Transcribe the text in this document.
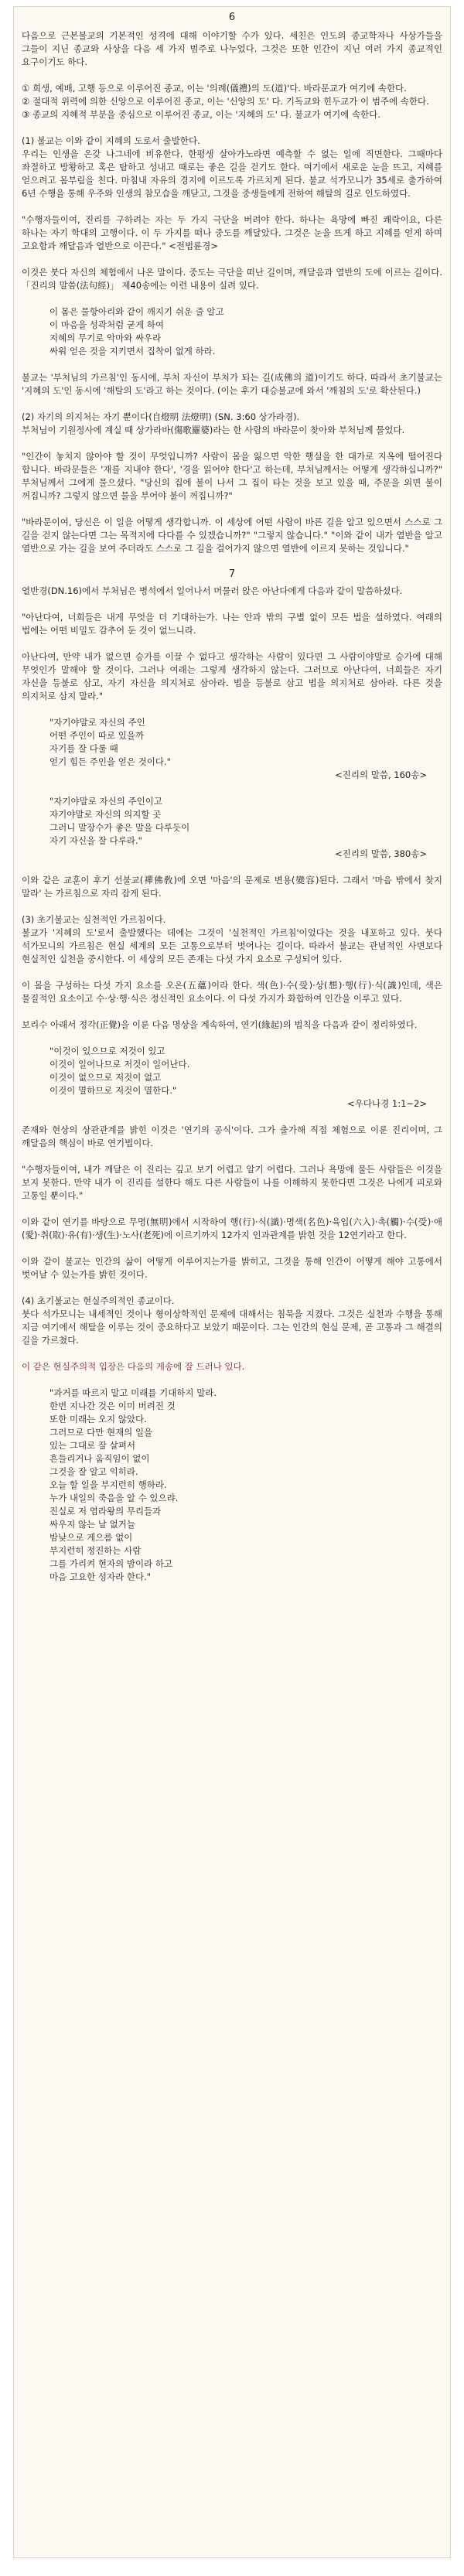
6
다음으로 근본불교의 기본적인 성격에 대해 이야기할 수가 있다. 세친은 인도의 종교학자나 사상가들을 그들이 지닌 종교와 사상을 다음 세 가지 범주로 나누었다. 그것은 또한 인간이 지닌 여러 가지 종교적인 요구이기도 하다.
① 희생, 예배, 고행 등으로 이루어진 종교, 이는 '의례(儀禮)의 도(道)'다. 바라문교가 여기에 속한다.
② 절대적 위력에 의한 신앙으로 이루어진 종교, 이는 '신앙의 도' 다. 기독교와 힌두교가 이 범주에 속한다.
③ 종교의 지혜적 부분을 중심으로 이루어진 종교, 이는 '지혜의 도' 다. 불교가 여기에 속한다.
(1) 불교는 이와 같이 지혜의 도로서 출발한다.
우리는 인생을 온갖 나그네에 비유한다. 한평생 살아가노라면 예측할 수 없는 일에 직면한다. 그때마다 좌절하고 방황하고 혹은 탐하고 성내고 때로는 좋은 길을 걷기도 한다. 여기에서 새로운 눈을 뜨고, 지혜를 얻으려고 몸부림을 친다. 마침내 자유의 경지에 이르도록 가르치게 된다. 불교 석가모니가 35세로 출가하여 6년 수행을 통해 우주와 인생의 참모습을 깨닫고, 그것을 중생들에게 전하여 해탈의 길로 인도하였다.
"수행자들이여, 진리를 구하려는 자는 두 가지 극단을 버려야 한다. 하나는 욕망에 빠진 쾌락이요, 다른 하나는 자기 학대의 고행이다. 이 두 가지를 떠나 중도를 깨달았다. 그것은 눈을 뜨게 하고 지혜를 얻게 하며 고요함과 깨달음과 열반으로 이끈다." <전법륜경>
이것은 붓다 자신의 체험에서 나온 말이다. 중도는 극단을 떠난 길이며, 깨달음과 열반의 도에 이르는 길이다. 「진리의 말씀(法句經)」 제40송에는 이런 내용이 실려 있다.
이 몸은 물항아리와 같이 깨지기 쉬운 줄 알고
이 마음을 성곽처럼 굳게 하여
지혜의 무기로 악마와 싸우라
싸워 얻은 것을 지키면서 집착이 없게 하라.
불교는 '부처님의 가르침'인 동시에, 부처 자신이 부처가 되는 길(成佛의 道)이기도 하다. 따라서 초기불교는 '지혜의 도'인 동시에 '해탈의 도'라고 하는 것이다. (이는 후기 대승불교에 와서 '깨침의 도'로 확산된다.)
(2) 자기의 의지처는 자기 뿐이다(自燈明 法燈明) (SN. 3:60 상가라경).
부처님이 기원정사에 계실 때 상가라바(傷歌羅婆)라는 한 사람의 바라문이 찾아와 부처님께 물었다.
"인간이 놓치지 않아야 할 것이 무엇입니까? 사람이 몸을 잃으면 악한 행실을 한 대가로 지옥에 떨어진다 합니다. 바라문들은 '재를 지내야 한다', '경을 읽어야 한다'고 하는데, 부처님께서는 어떻게 생각하십니까?" 부처님께서 그에게 물으셨다. "당신의 집에 불이 나서 그 집이 타는 것을 보고 있을 때, 주문을 외면 불이 꺼집니까? 그렇지 않으면 물을 부어야 불이 꺼집니까?"
"바라문이여, 당신은 이 일을 어떻게 생각합니까. 이 세상에 어떤 사람이 바른 길을 알고 있으면서 스스로 그 길을 걷지 않는다면 그는 목적지에 다다를 수 있겠습니까?" "그렇지 않습니다." "이와 같이 내가 열반을 알고 열반으로 가는 길을 보여 주더라도 스스로 그 길을 걸어가지 않으면 열반에 이르지 못하는 것입니다."
7
열반경(DN.16)에서 부처님은 병석에서 일어나서 머물러 앉은 아난다에게 다음과 같이 말씀하셨다.
"아난다여, 너희들은 내게 무엇을 더 기대하는가. 나는 안과 밖의 구별 없이 모든 법을 설하였다. 여래의 법에는 어떤 비밀도 감추어 둔 것이 없느니라.
아난다여, 만약 내가 없으면 승가를 이끌 수 없다고 생각하는 사람이 있다면 그 사람이야말로 승가에 대해 무엇인가 말해야 할 것이다. 그러나 여래는 그렇게 생각하지 않는다. 그러므로 아난다여, 너희들은 자기 자신을 등불로 삼고, 자기 자신을 의지처로 삼아라. 법을 등불로 삼고 법을 의지처로 삼아라. 다른 것을 의지처로 삼지 말라."
"자기야말로 자신의 주인
어떤 주인이 따로 있을까
자기를 잘 다룰 때
얻기 힘든 주인을 얻은 것이다."
<진리의 말씀, 160송>
"자기야말로 자신의 주인이고
자기야말로 자신의 의지할 곳
그러니 말장수가 좋은 말을 다루듯이
자기 자신을 잘 다루라."
<진리의 말씀, 380송>
이와 같은 교훈이 후기 선불교(禪佛敎)에 오면 '마음'의 문제로 변용(變容)된다. 그래서 '마음 밖에서 찾지 말라' 는 가르침으로 자리 잡게 된다.
(3) 초기불교는 실천적인 가르침이다.
불교가 '지혜의 도'로서 출발했다는 데에는 그것이 '실천적인 가르침'이었다는 것을 내포하고 있다. 붓다 석가모니의 가르침은 현실 세계의 모든 고통으로부터 벗어나는 길이다. 따라서 불교는 관념적인 사변보다 현실적인 실천을 중시한다. 이 세상의 모든 존재는 다섯 가지 요소로 구성되어 있다.
이 몸을 구성하는 다섯 가지 요소를 오온(五蘊)이라 한다. 색(色)·수(受)·상(想)·행(行)·식(識)인데, 색은 물질적인 요소이고 수·상·행·식은 정신적인 요소이다. 이 다섯 가지가 화합하여 인간을 이루고 있다.
보리수 아래서 정각(正覺)을 이룬 다음 명상을 계속하여, 연기(緣起)의 법칙을 다음과 같이 정리하였다.
"이것이 있으므로 저것이 있고
이것이 일어나므로 저것이 일어난다.
이것이 없으므로 저것이 없고
이것이 멸하므로 저것이 멸한다."
<우다나경 1:1~2>
존재와 현상의 상관관계를 밝힌 이것은 '연기의 공식'이다. 그가 출가해 직접 체험으로 이룬 진리이며, 그 깨달음의 핵심이 바로 연기법이다.
"수행자들이여, 내가 깨달은 이 진리는 깊고 보기 어렵고 알기 어렵다. 그러나 욕망에 물든 사람들은 이것을 보지 못한다. 만약 내가 이 진리를 설한다 해도 다른 사람들이 나를 이해하지 못한다면 그것은 나에게 피로와 고통일 뿐이다."
이와 같이 연기를 바탕으로 무명(無明)에서 시작하여 행(行)·식(識)·명색(名色)·육입(六入)·촉(觸)·수(受)·애(愛)·취(取)·유(有)·생(生)·노사(老死)에 이르기까지 12가지 인과관계를 밝힌 것을 12연기라고 한다.
이와 같이 불교는 인간의 삶이 어떻게 이루어지는가를 밝히고, 그것을 통해 인간이 어떻게 해야 고통에서 벗어날 수 있는가를 밝힌 것이다.
(4) 초기불교는 현실주의적인 종교이다.
붓다 석가모니는 내세적인 것이나 형이상학적인 문제에 대해서는 침묵을 지켰다. 그것은 실천과 수행을 통해 지금 여기에서 해탈을 이루는 것이 중요하다고 보았기 때문이다. 그는 인간의 현실 문제, 곧 고통과 그 해결의 길을 가르쳤다.
이 같은 현실주의적 입장은 다음의 게송에 잘 드러나 있다.
"과거를 따르지 말고 미래를 기대하지 말라.
한번 지나간 것은 이미 버려진 것
또한 미래는 오지 않았다.
그러므로 다만 현재의 일을
있는 그대로 잘 살펴서
흔들리거나 움직임이 없이
그것을 잘 알고 익히라.
오늘 할 일을 부지런히 행하라.
누가 내일의 죽음을 알 수 있으랴.
진실로 저 염라왕의 무리들과
싸우지 않는 날 없거늘
밤낮으로 게으름 없이
부지런히 정진하는 사람
그를 가리켜 현자의 밤이라 하고
마음 고요한 성자라 한다."
